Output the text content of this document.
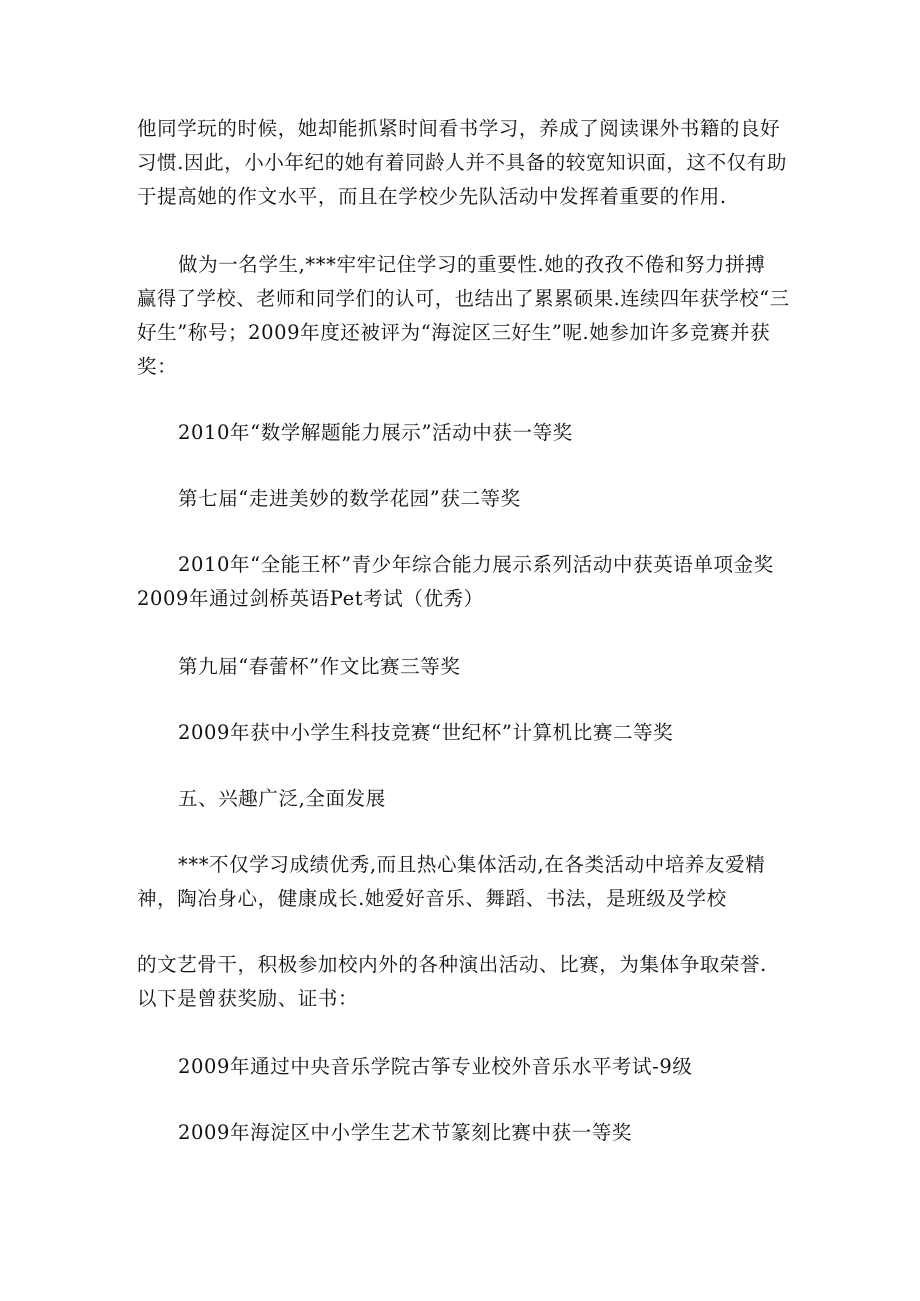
他同学玩的时候，她却能抓紧时间看书学习，养成了阅读课外书籍的良好
习惯.因此，小小年纪的她有着同龄人并不具备的较宽知识面，这不仅有助
于提高她的作文水平，而且在学校少先队活动中发挥着重要的作用.
做为一名学生,***牢牢记住学习的重要性.她的孜孜不倦和努力拼搏
赢得了学校、老师和同学们的认可，也结出了累累硕果.连续四年获学校“三
好生”称号；2009年度还被评为“海淀区三好生”呢.她参加许多竞赛并获
奖：
2010年“数学解题能力展示”活动中获一等奖
第七届“走进美妙的数学花园”获二等奖
2010年“全能王杯”青少年综合能力展示系列活动中获英语单项金奖
2009年通过剑桥英语Pet考试（优秀）
第九届“春蕾杯”作文比赛三等奖
2009年获中小学生科技竞赛“世纪杯”计算机比赛二等奖
五、兴趣广泛,全面发展
***不仅学习成绩优秀,而且热心集体活动,在各类活动中培养友爱精
神，陶冶身心，健康成长.她爱好音乐、舞蹈、书法，是班级及学校
的文艺骨干，积极参加校内外的各种演出活动、比赛，为集体争取荣誉.
以下是曾获奖励、证书：
2009年通过中央音乐学院古筝专业校外音乐水平考试-9级
2009年海淀区中小学生艺术节篆刻比赛中获一等奖
